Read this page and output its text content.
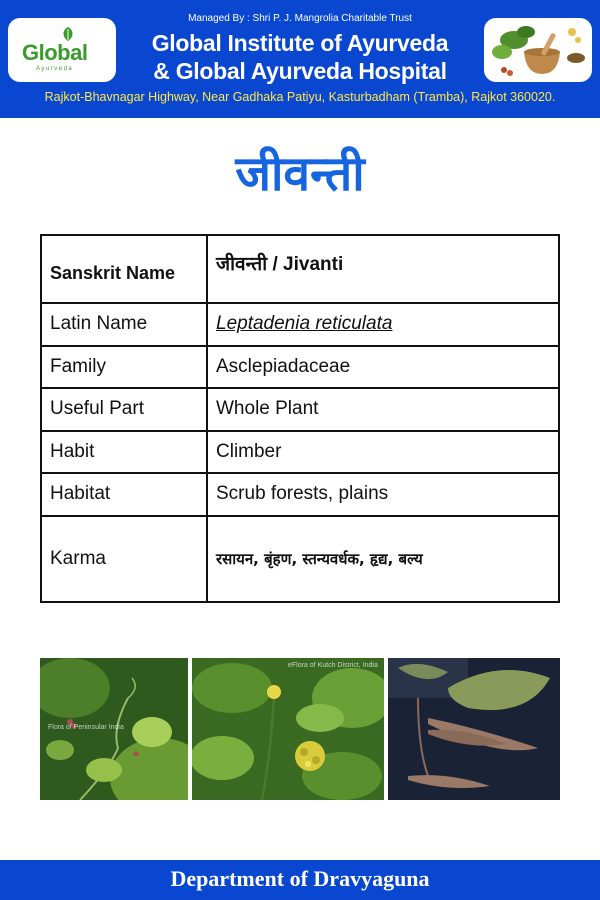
Global
Ayurveda
Managed By : Shri P. J. Mangrolia Charitable Trust
Global Institute of Ayurveda
& Global Ayurveda Hospital
Rajkot-Bhavnagar Highway, Near Gadhaka Patiyu, Kasturbadham (Tramba), Rajkot 360020.
जीवन्ती
Sanskrit Name	जीवन्ती / Jivanti
Latin Name	Leptadenia reticulata
Family	Asclepiadaceae
Useful Part	Whole Plant
Habit	Climber
Habitat	Scrub forests, plains
Karma	रसायन, बृंहण, स्तन्यवर्धक, हृद्य, बल्य
Flora of Peninsular India
eFlora of Kutch District, India
Department of Dravyaguna
